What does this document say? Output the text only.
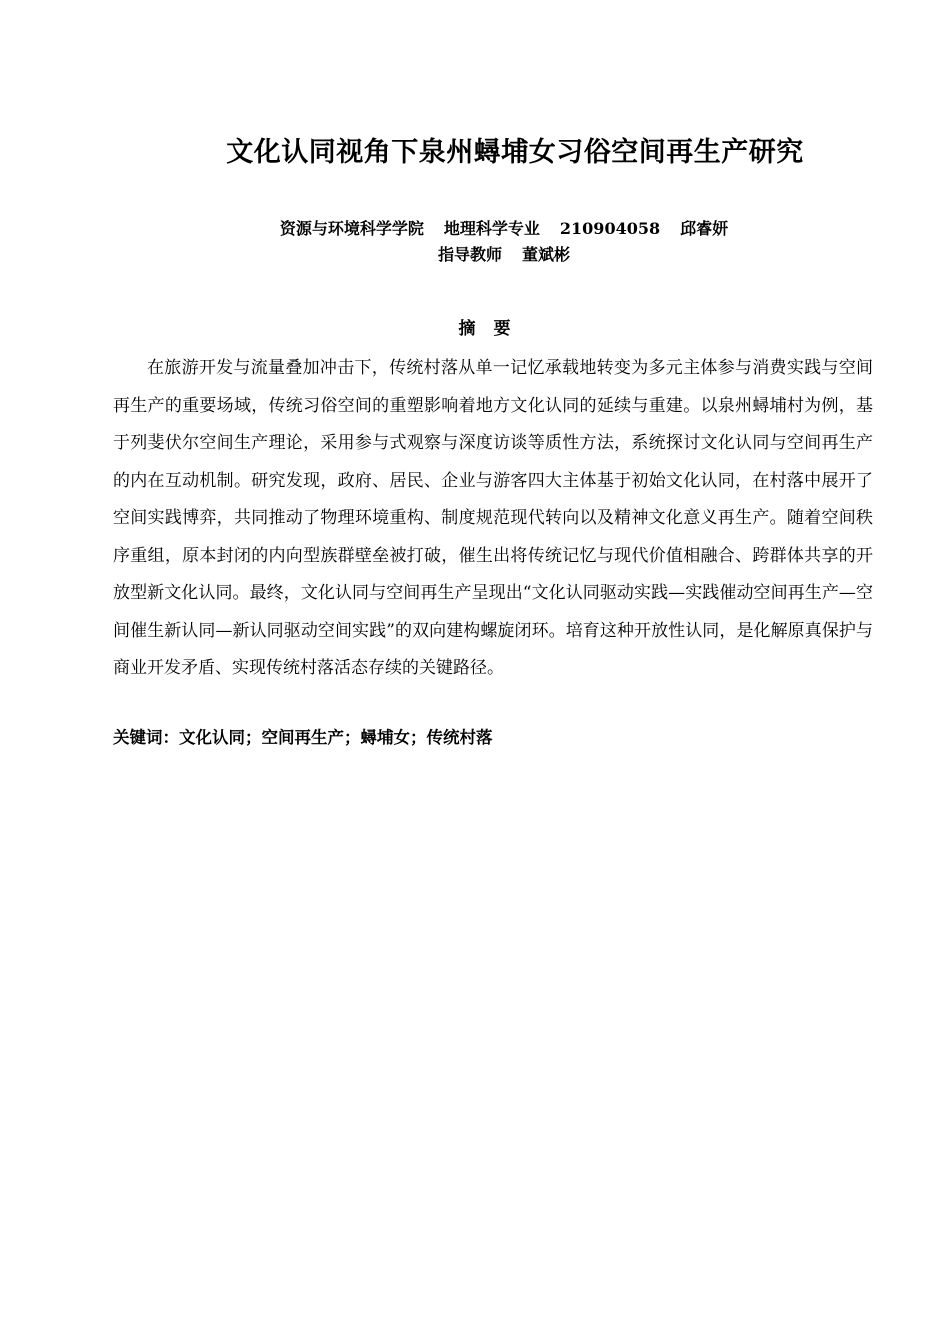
文化认同视角下泉州蟳埔女习俗空间再生产研究
资源与环境科学学院 地理科学专业 210904058 邱睿妍
指导教师 董斌彬
摘 要

在旅游开发与流量叠加冲击下，传统村落从单一记忆承载地转变为多元主体参与消费实践与空间再生产的重要场域，传统习俗空间的重塑影响着地方文化认同的延续与重建。以泉州蟳埔村为例，基于列斐伏尔空间生产理论，采用参与式观察与深度访谈等质性方法，系统探讨文化认同与空间再生产的内在互动机制。研究发现，政府、居民、企业与游客四大主体基于初始文化认同，在村落中展开了空间实践博弈，共同推动了物理环境重构、制度规范现代转向以及精神文化意义再生产。随着空间秩序重组，原本封闭的内向型族群壁垒被打破，催生出将传统记忆与现代价值相融合、跨群体共享的开放型新文化认同。最终，文化认同与空间再生产呈现出“文化认同驱动实践—实践催动空间再生产—空间催生新认同—新认同驱动空间实践”的双向建构螺旋闭环。培育这种开放性认同，是化解原真保护与商业开发矛盾、实现传统村落活态存续的关键路径。

关键词：文化认同；空间再生产；蟳埔女；传统村落
